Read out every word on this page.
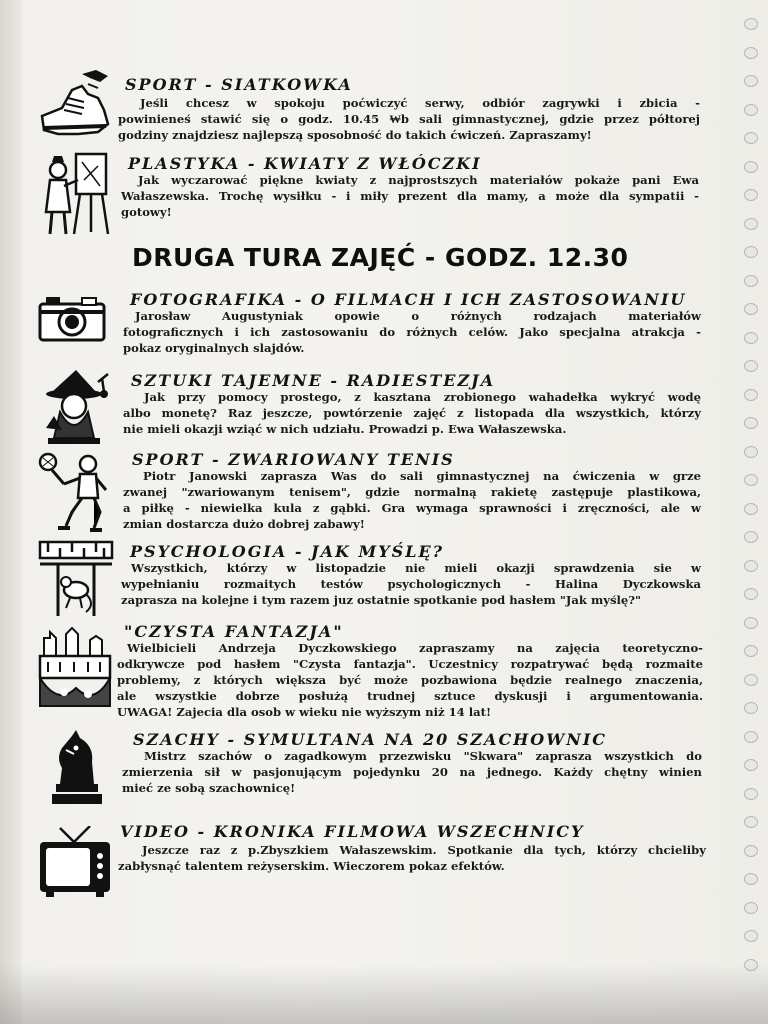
SPORT - SIATKOWKA
Jeśli chcesz w spokoju poćwiczyć serwy, odbiór zagrywki i zbicia -
powinieneś stawić się o godz. 10.45 ₩b sali gimnastycznej, gdzie przez półtorej
godziny znajdziesz najlepszą sposobność do takich ćwiczeń. Zapraszamy!
PLASTYKA - KWIATY Z WŁÓCZKI
Jak wyczarować piękne kwiaty z najprostszych materiałów pokaże pani Ewa
Wałaszewska. Trochę wysiłku - i miły prezent dla mamy, a może dla sympatii -
gotowy!
DRUGA TURA ZAJĘĆ - GODZ. 12.30
FOTOGRAFIKA - O FILMACH I ICH ZASTOSOWANIU
Jarosław Augustyniak opowie o różnych rodzajach materiałów
fotograficznych i ich zastosowaniu do różnych celów. Jako specjalna atrakcja -
pokaz oryginalnych slajdów.
SZTUKI TAJEMNE - RADIESTEZJA
Jak przy pomocy prostego, z kasztana zrobionego wahadełka wykryć wodę
albo monetę? Raz jeszcze, powtórzenie zajęć z listopada dla wszystkich, którzy
nie mieli okazji wziąć w nich udziału. Prowadzi p. Ewa Wałaszewska.
SPORT - ZWARIOWANY TENIS
Piotr Janowski zaprasza Was do sali gimnastycznej na ćwiczenia w grze
zwanej "zwariowanym tenisem", gdzie normalną rakietę zastępuje plastikowa,
a piłkę - niewielka kula z gąbki. Gra wymaga sprawności i zręczności, ale w
zmian dostarcza dużo dobrej zabawy!
PSYCHOLOGIA - JAK MYŚLĘ?
Wszystkich, którzy w listopadzie nie mieli okazji sprawdzenia sie w
wypełnianiu rozmaitych testów psychologicznych - Halina Dyczkowska
zaprasza na kolejne i tym razem juz ostatnie spotkanie pod hasłem "Jak myślę?"
"CZYSTA FANTAZJA"
Wielbicieli Andrzeja Dyczkowskiego zapraszamy na zajęcia teoretyczno-
odkrywcze pod hasłem "Czysta fantazja". Uczestnicy rozpatrywać będą rozmaite
problemy, z których większa być może pozbawiona będzie realnego znaczenia,
ale wszystkie dobrze posłużą trudnej sztuce dyskusji i argumentowania.
UWAGA! Zajecia dla osob w wieku nie wyższym niż 14 lat!
SZACHY - SYMULTANA NA 20 SZACHOWNIC
Mistrz szachów o zagadkowym przezwisku "Skwara" zaprasza wszystkich do
zmierzenia sił w pasjonującym pojedynku 20 na jednego. Każdy chętny winien
mieć ze sobą szachownicę!
VIDEO - KRONIKA FILMOWA WSZECHNICY
Jeszcze raz z p.Zbyszkiem Wałaszewskim. Spotkanie dla tych, którzy chcieliby
zabłysnąć talentem reżyserskim. Wieczorem pokaz efektów.
